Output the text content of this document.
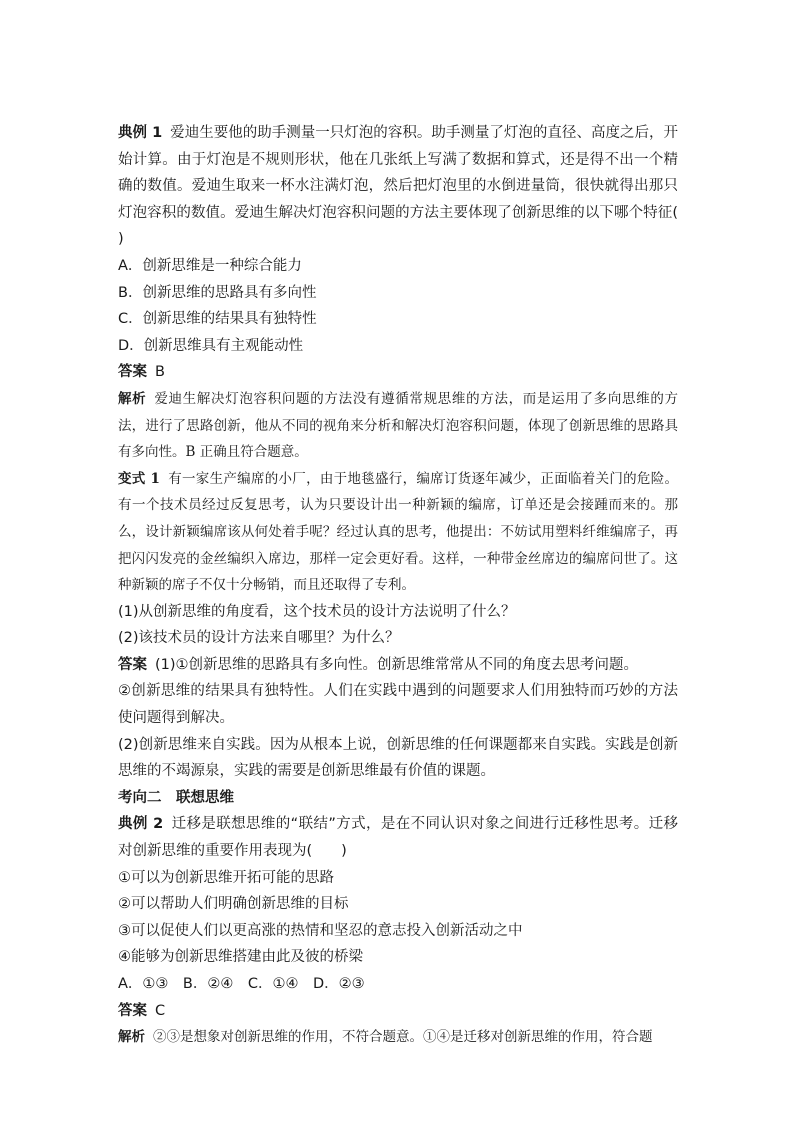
典例 1 爱迪生要他的助手测量一只灯泡的容积。助手测量了灯泡的直径、高度之后，开始计算。由于灯泡是不规则形状，他在几张纸上写满了数据和算式，还是得不出一个精确的数值。爱迪生取来一杯水注满灯泡，然后把灯泡里的水倒进量筒，很快就得出那只灯泡容积的数值。爱迪生解决灯泡容积问题的方法主要体现了创新思维的以下哪个特征(　　)

A．创新思维是一种综合能力

B．创新思维的思路具有多向性

C．创新思维的结果具有独特性

D．创新思维具有主观能动性

答案 B

解析 爱迪生解决灯泡容积问题的方法没有遵循常规思维的方法，而是运用了多向思维的方法，进行了思路创新，他从不同的视角来分析和解决灯泡容积问题，体现了创新思维的思路具有多向性。B 正确且符合题意。

变式 1 有一家生产编席的小厂，由于地毯盛行，编席订货逐年减少，正面临着关门的危险。有一个技术员经过反复思考，认为只要设计出一种新颖的编席，订单还是会接踵而来的。那么，设计新颖编席该从何处着手呢？经过认真的思考，他提出：不妨试用塑料纤维编席子，再把闪闪发亮的金丝编织入席边，那样一定会更好看。这样，一种带金丝席边的编席问世了。这种新颖的席子不仅十分畅销，而且还取得了专利。

(1)从创新思维的角度看，这个技术员的设计方法说明了什么？

(2)该技术员的设计方法来自哪里？为什么？

答案 (1)①创新思维的思路具有多向性。创新思维常常从不同的角度去思考问题。

②创新思维的结果具有独特性。人们在实践中遇到的问题要求人们用独特而巧妙的方法使问题得到解决。

(2)创新思维来自实践。因为从根本上说，创新思维的任何课题都来自实践。实践是创新思维的不竭源泉，实践的需要是创新思维最有价值的课题。

考向二　联想思维

典例 2 迁移是联想思维的“联结”方式，是在不同认识对象之间进行迁移性思考。迁移对创新思维的重要作用表现为(　　)

①可以为创新思维开拓可能的思路

②可以帮助人们明确创新思维的目标

③可以促使人们以更高涨的热情和坚忍的意志投入创新活动之中

④能够为创新思维搭建由此及彼的桥梁

A．①③　B．②④　C．①④　D．②③

答案 C

解析 ②③是想象对创新思维的作用，不符合题意。①④是迁移对创新思维的作用，符合题
